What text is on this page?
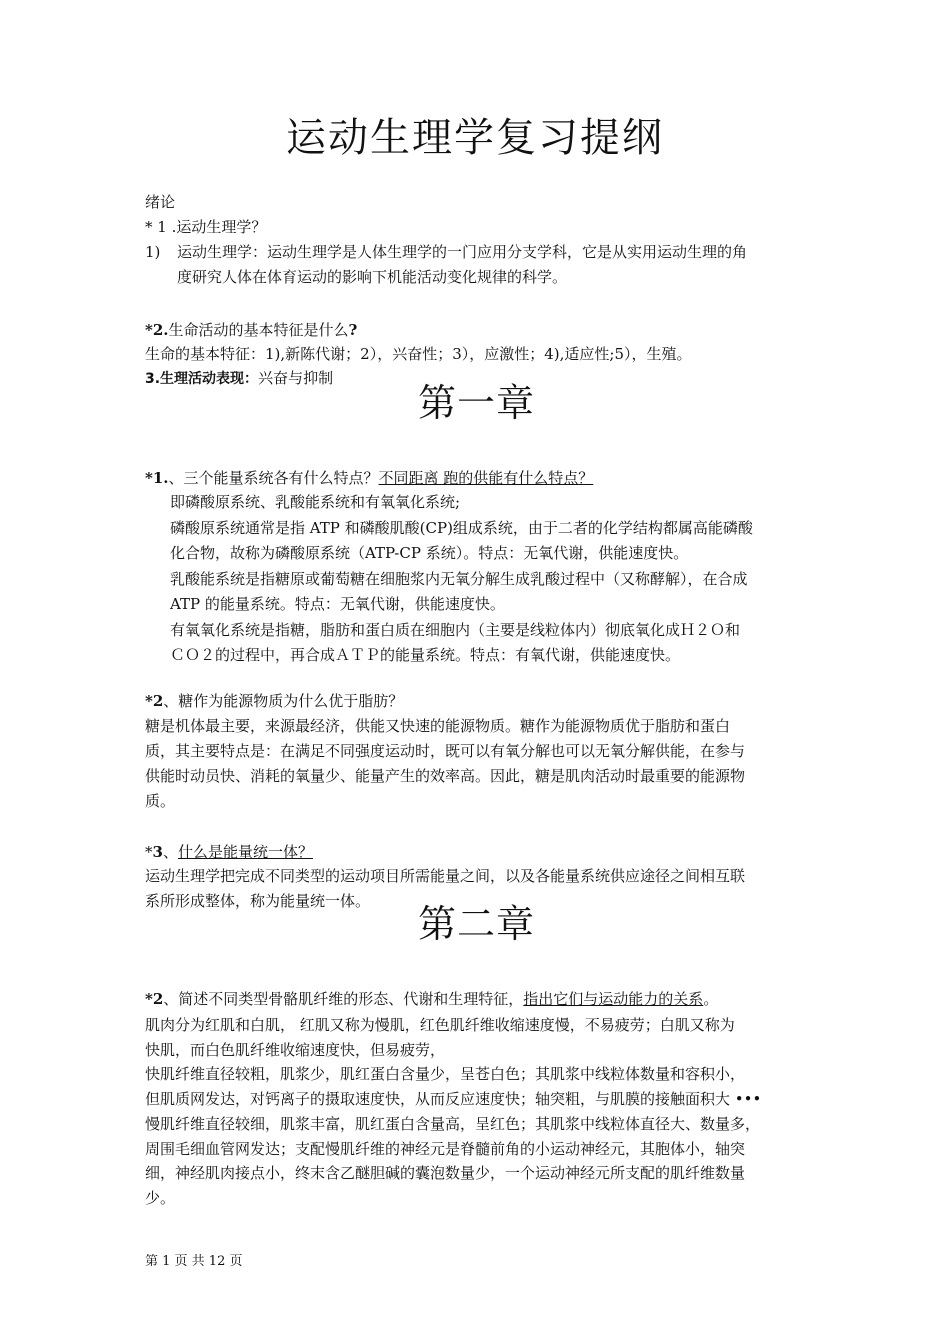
运动生理学复习提纲
绪论
* 1 .运动生理学？
1) 运动生理学：运动生理学是人体生理学的一门应用分支学科，它是从实用运动生理的角
度研究人体在体育运动的影响下机能活动变化规律的科学。
*2.生命活动的基本特征是什么?
生命的基本特征：1),新陈代谢；2），兴奋性；3），应激性；4),适应性;5），生殖。
3.生理活动表现：兴奋与抑制
第一章
*1.、三个能量系统各有什么特点？不同距离 跑的供能有什么特点？
即磷酸原系统、乳酸能系统和有氧氧化系统;
磷酸原系统通常是指 ATP 和磷酸肌酸(CP)组成系统，由于二者的化学结构都属高能磷酸
化合物，故称为磷酸原系统（ATP-CP 系统）。特点：无氧代谢，供能速度快。
乳酸能系统是指糖原或葡萄糖在细胞浆内无氧分解生成乳酸过程中（又称酵解），在合成
ATP 的能量系统。特点：无氧代谢，供能速度快。
有氧氧化系统是指糖，脂肪和蛋白质在细胞内（主要是线粒体内）彻底氧化成Ｈ２Ｏ和
ＣＯ２的过程中，再合成ＡＴＰ的能量系统。特点：有氧代谢，供能速度快。
*2、糖作为能源物质为什么优于脂肪？
糖是机体最主要，来源最经济，供能又快速的能源物质。糖作为能源物质优于脂肪和蛋白
质，其主要特点是：在满足不同强度运动时，既可以有氧分解也可以无氧分解供能，在参与
供能时动员快、消耗的氧量少、能量产生的效率高。因此，糖是肌肉活动时最重要的能源物
质。
*3、什么是能量统一体？
运动生理学把完成不同类型的运动项目所需能量之间，以及各能量系统供应途径之间相互联
系所形成整体，称为能量统一体。
第二章
*2、简述不同类型骨骼肌纤维的形态、代谢和生理特征，指出它们与运动能力的关系。
肌肉分为红肌和白肌， 红肌又称为慢肌，红色肌纤维收缩速度慢，不易疲劳；白肌又称为
快肌，而白色肌纤维收缩速度快，但易疲劳，
快肌纤维直径较粗，肌浆少，肌红蛋白含量少，呈苍白色；其肌浆中线粒体数量和容积小，
但肌质网发达，对钙离子的摄取速度快，从而反应速度快；轴突粗，与肌膜的接触面积大 •••
慢肌纤维直径较细，肌浆丰富，肌红蛋白含量高，呈红色；其肌浆中线粒体直径大、数量多，
周围毛细血管网发达；支配慢肌纤维的神经元是脊髓前角的小运动神经元，其胞体小，轴突
细，神经肌肉接点小，终末含乙醚胆碱的囊泡数量少，一个运动神经元所支配的肌纤维数量
少。
第 1 页 共 12 页
